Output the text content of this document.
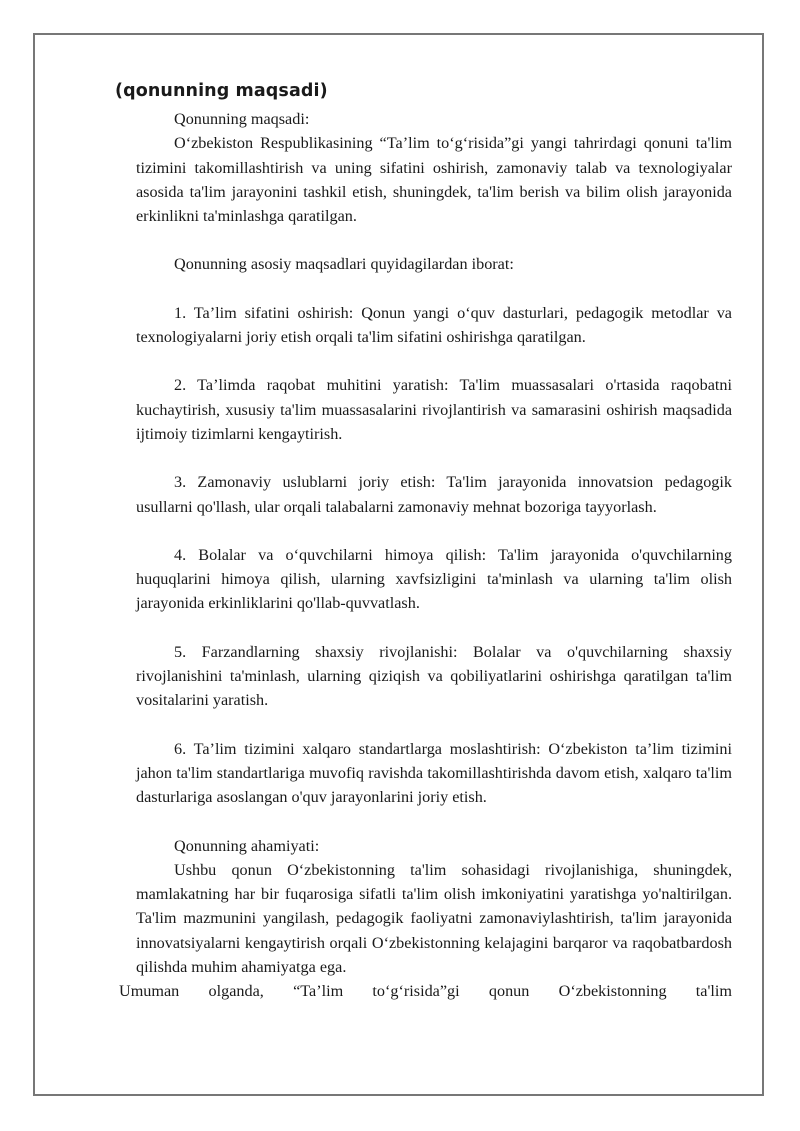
(qonunning maqsadi)

Qonunning maqsadi:

O‘zbekiston Respublikasining “Ta’lim to‘g‘risida”gi yangi tahrirdagi qonuni ta'lim tizimini takomillashtirish va uning sifatini oshirish, zamonaviy talab va texnologiyalar asosida ta'lim jarayonini tashkil etish, shuningdek, ta'lim berish va bilim olish jarayonida erkinlikni ta'minlashga qaratilgan.

Qonunning asosiy maqsadlari quyidagilardan iborat:

1. Ta’lim sifatini oshirish: Qonun yangi o‘quv dasturlari, pedagogik metodlar va texnologiyalarni joriy etish orqali ta'lim sifatini oshirishga qaratilgan.

2. Ta’limda raqobat muhitini yaratish: Ta'lim muassasalari o'rtasida raqobatni kuchaytirish, xususiy ta'lim muassasalarini rivojlantirish va samarasini oshirish maqsadida ijtimoiy tizimlarni kengaytirish.

3. Zamonaviy uslublarni joriy etish: Ta'lim jarayonida innovatsion pedagogik usullarni qo'llash, ular orqali talabalarni zamonaviy mehnat bozoriga tayyorlash.

4. Bolalar va o‘quvchilarni himoya qilish: Ta'lim jarayonida o'quvchilarning huquqlarini himoya qilish, ularning xavfsizligini ta'minlash va ularning ta'lim olish jarayonida erkinliklarini qo'llab-quvvatlash.

5. Farzandlarning shaxsiy rivojlanishi: Bolalar va o'quvchilarning shaxsiy rivojlanishini ta'minlash, ularning qiziqish va qobiliyatlarini oshirishga qaratilgan ta'lim vositalarini yaratish.

6. Ta’lim tizimini xalqaro standartlarga moslashtirish: O‘zbekiston ta’lim tizimini jahon ta'lim standartlariga muvofiq ravishda takomillashtirishda davom etish, xalqaro ta'lim dasturlariga asoslangan o'quv jarayonlarini joriy etish.

Qonunning ahamiyati:

Ushbu qonun O‘zbekistonning ta'lim sohasidagi rivojlanishiga, shuningdek, mamlakatning har bir fuqarosiga sifatli ta'lim olish imkoniyatini yaratishga yo'naltirilgan. Ta'lim mazmunini yangilash, pedagogik faoliyatni zamonaviylashtirish, ta'lim jarayonida innovatsiyalarni kengaytirish orqali O‘zbekistonning kelajagini barqaror va raqobatbardosh qilishda muhim ahamiyatga ega.

Umuman olganda, “Ta’lim to‘g‘risida”gi qonun O‘zbekistonning ta'lim
